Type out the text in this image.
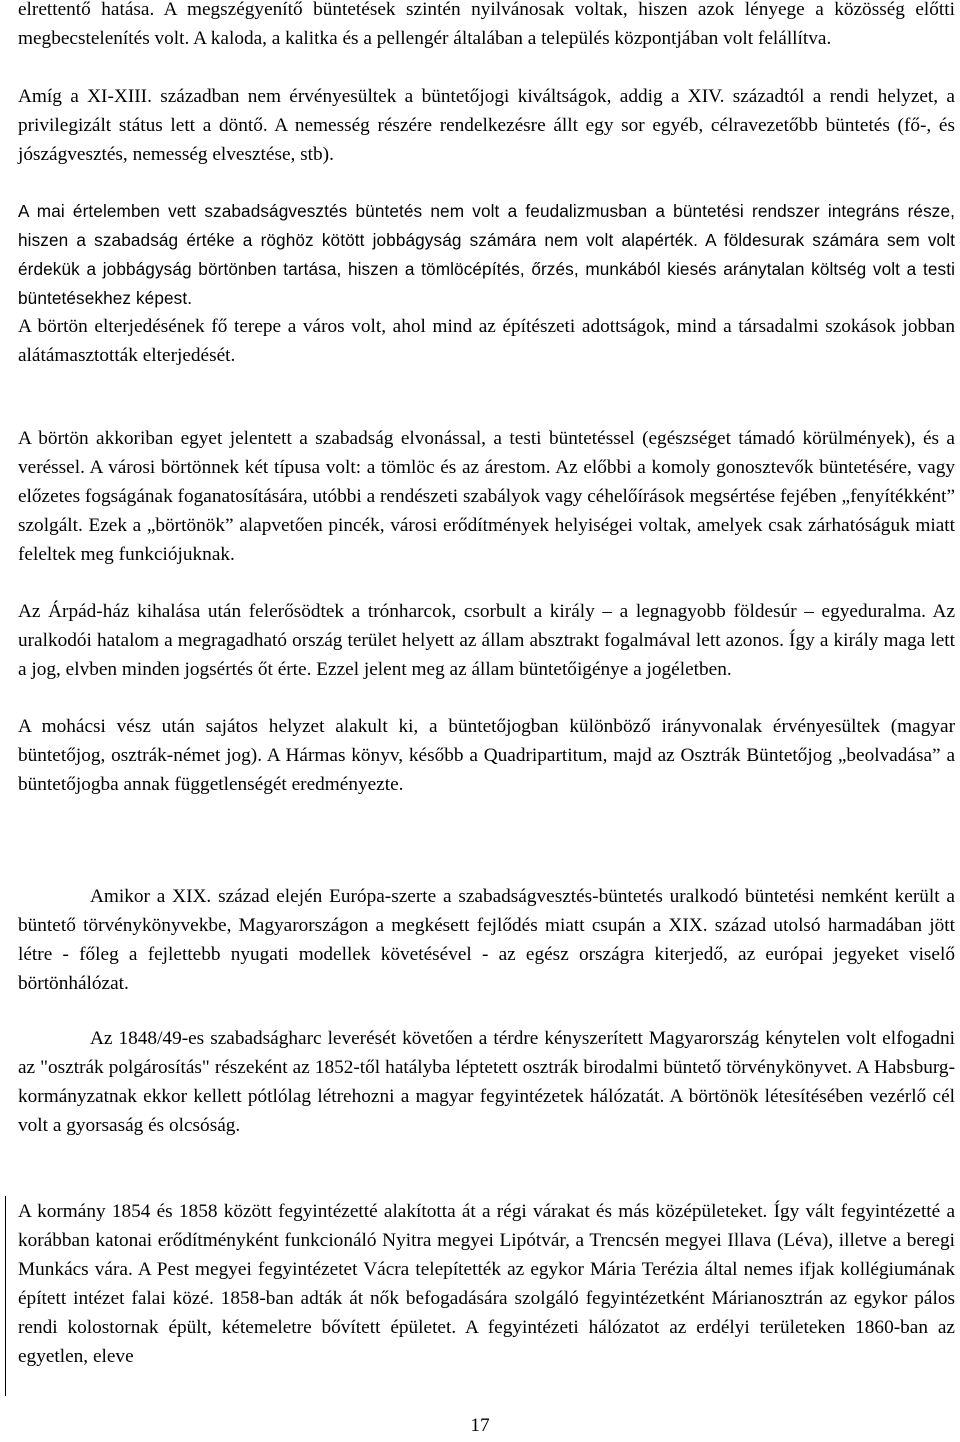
elrettentő hatása. A megszégyenítő büntetések szintén nyilvánosak voltak, hiszen azok lényege a közösség előtti megbecstelenítés volt. A kaloda, a kalitka és a pellengér általában a település központjában volt felállítva.

Amíg a XI-XIII. században nem érvényesültek a büntetőjogi kiváltságok, addig a XIV. századtól a rendi helyzet, a privilegizált státus lett a döntő. A nemesség részére rendelkezésre állt egy sor egyéb, célravezetőbb büntetés (fő-, és jószágvesztés, nemesség elvesztése, stb).

A mai értelemben vett szabadságvesztés büntetés nem volt a feudalizmusban a büntetési rendszer integráns része, hiszen a szabadság értéke a röghöz kötött jobbágyság számára nem volt alapérték. A földesurak számára sem volt érdekük a jobbágyság börtönben tartása, hiszen a tömlöcépítés, őrzés, munkából kiesés aránytalan költség volt a testi büntetésekhez képest.

A börtön elterjedésének fő terepe a város volt, ahol mind az építészeti adottságok, mind a társadalmi szokások jobban alátámasztották elterjedését.

A börtön akkoriban egyet jelentett a szabadság elvonással, a testi büntetéssel (egészséget támadó körülmények), és a veréssel. A városi börtönnek két típusa volt: a tömlöc és az árestom. Az előbbi a komoly gonosztevők büntetésére, vagy előzetes fogságának foganatosítására, utóbbi a rendészeti szabályok vagy céhelőírások megsértése fejében „fenyítékként” szolgált. Ezek a „börtönök” alapvetően pincék, városi erődítmények helyiségei voltak, amelyek csak zárhatóságuk miatt feleltek meg funkciójuknak.

Az Árpád-ház kihalása után felerősödtek a trónharcok, csorbult a király – a legnagyobb földesúr – egyeduralma. Az uralkodói hatalom a megragadható ország terület helyett az állam absztrakt fogalmával lett azonos. Így a király maga lett a jog, elvben minden jogsértés őt érte. Ezzel jelent meg az állam büntetőigénye a jogéletben.

A mohácsi vész után sajátos helyzet alakult ki, a büntetőjogban különböző irányvonalak érvényesültek (magyar büntetőjog, osztrák-német jog). A Hármas könyv, később a Quadripartitum, majd az Osztrák Büntetőjog „beolvadása” a büntetőjogba annak függetlenségét eredményezte.

Amikor a XIX. század elején Európa-szerte a szabadságvesztés-büntetés uralkodó büntetési nemként került a büntető törvénykönyvekbe, Magyarországon a megkésett fejlődés miatt csupán a XIX. század utolsó harmadában jött létre - főleg a fejlettebb nyugati modellek követésével - az egész országra kiterjedő, az európai jegyeket viselő börtönhálózat.

Az 1848/49-es szabadságharc leverését követően a térdre kényszerített Magyarország kénytelen volt elfogadni az "osztrák polgárosítás" részeként az 1852-től hatályba léptetett osztrák birodalmi büntető törvénykönyvet. A Habsburg-kormányzatnak ekkor kellett pótlólag létrehozni a magyar fegyintézetek hálózatát. A börtönök létesítésében vezérlő cél volt a gyorsaság és olcsóság.

A kormány 1854 és 1858 között fegyintézetté alakította át a régi várakat és más középületeket. Így vált fegyintézetté a korábban katonai erődítményként funkcionáló Nyitra megyei Lipótvár, a Trencsén megyei Illava (Léva), illetve a beregi Munkács vára. A Pest megyei fegyintézetet Vácra telepítették az egykor Mária Terézia által nemes ifjak kollégiumának épített intézet falai közé. 1858-ban adták át nők befogadására szolgáló fegyintézetként Márianosztrán az egykor pálos rendi kolostornak épült, kétemeletre bővített épületet. A fegyintézeti hálózatot az erdélyi területeken 1860-ban az egyetlen, eleve

17
